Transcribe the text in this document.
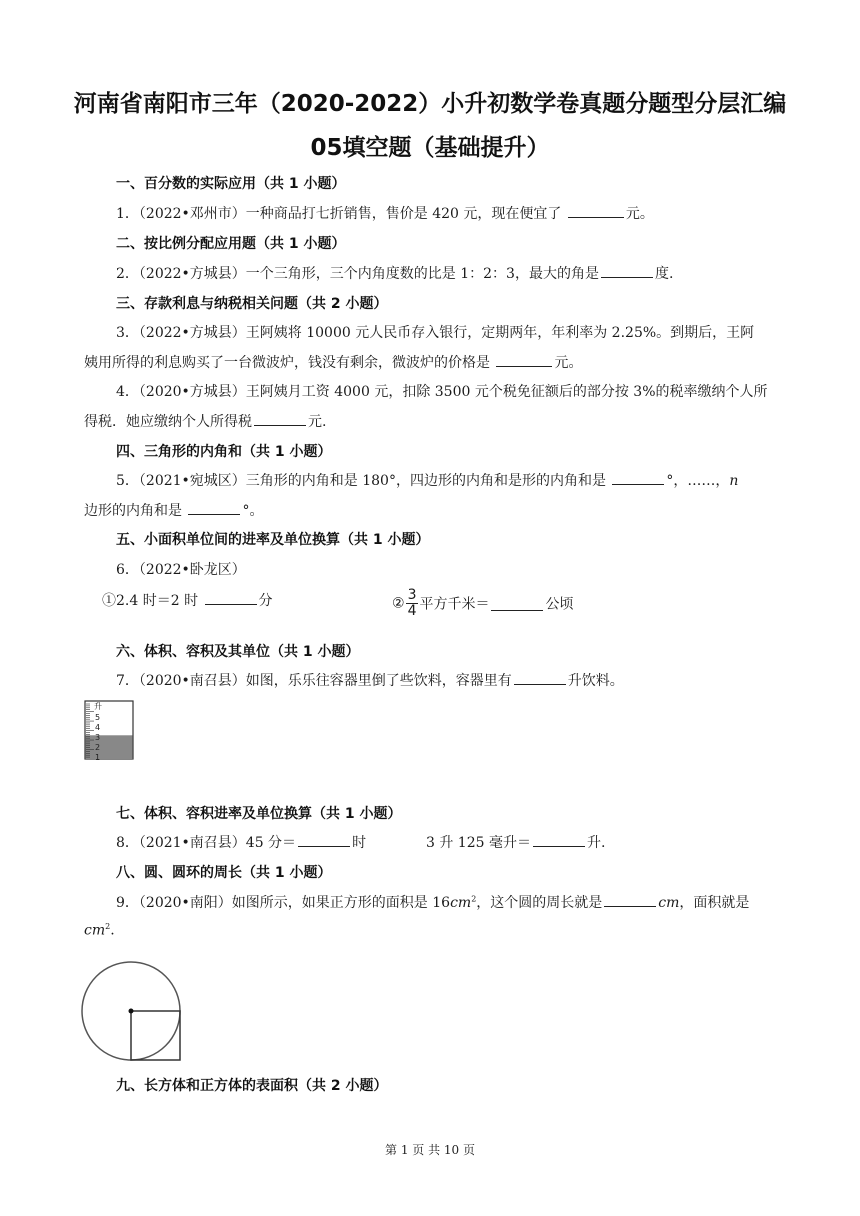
河南省南阳市三年（2020-2022）小升初数学卷真题分题型分层汇编
05填空题（基础提升）
一、百分数的实际应用（共 1 小题）
1．（2022•邓州市）一种商品打七折销售，售价是 420 元，现在便宜了	元。
二、按比例分配应用题（共 1 小题）
2．（2022•方城县）一个三角形，三个内角度数的比是 1：2：3，最大的角是	度.
三、存款利息与纳税相关问题（共 2 小题）
3．（2022•方城县）王阿姨将 10000 元人民币存入银行，定期两年，年利率为 2.25%。到期后，王阿
姨用所得的利息购买了一台微波炉，钱没有剩余，微波炉的价格是	元。
4．（2020•方城县）王阿姨月工资 4000 元，扣除 3500 元个税免征额后的部分按 3%的税率缴纳个人所
得税．她应缴纳个人所得税	元.
四、三角形的内角和（共 1 小题）
5．（2021•宛城区）三角形的内角和是 180°，四边形的内角和是形的内角和是	°，……，n
边形的内角和是	°。
五、小面积单位间的进率及单位换算（共 1 小题）
6．（2022•卧龙区）
①2.4 时＝2 时	分	② $\frac{3}{4}$ 平方千米＝	公顷
六、体积、容积及其单位（共 1 小题）
7．（2020•南召县）如图，乐乐往容器里倒了些饮料，容器里有	升饮料。
升
5
4
3
2
1
七、体积、容积进率及单位换算（共 1 小题）
8．（2021•南召县）45 分＝	时	3 升 125 毫升＝	升.
八、圆、圆环的周长（共 1 小题）
9．（2020•南阳）如图所示，如果正方形的面积是 $16cm^2$，这个圆的周长就是	cm，面积就是
$cm^2$.
九、长方体和正方体的表面积（共 2 小题）
第 1 页 共 10 页
